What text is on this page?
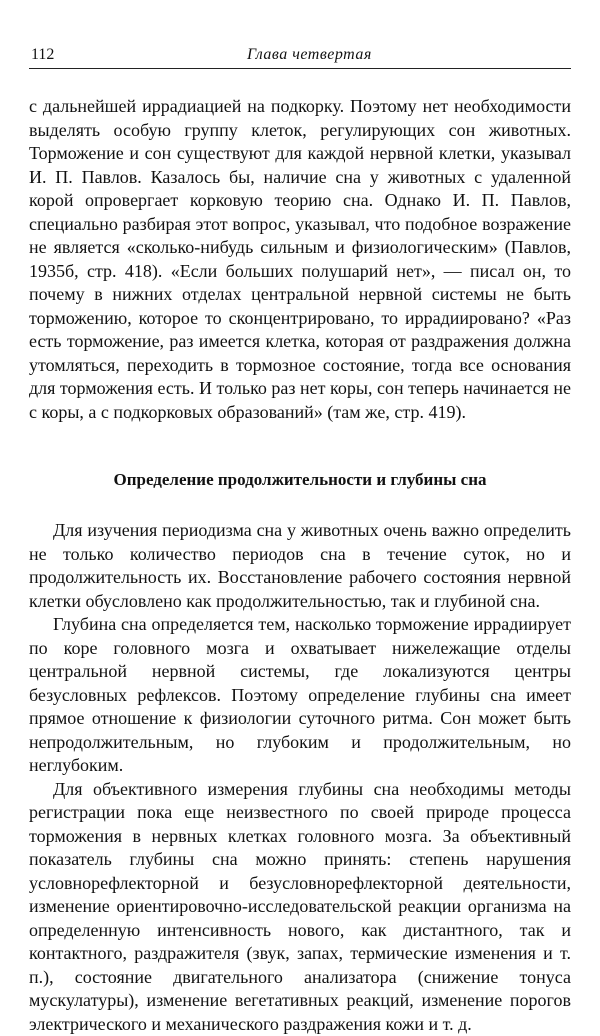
112	Глава четвертая

с дальнейшей иррадиацией на подкорку. Поэтому нет необходимости выделять особую группу клеток, регулирующих сон животных. Торможение и сон существуют для каждой нервной клетки, указывал И. П. Павлов. Казалось бы, наличие сна у животных с удаленной корой опровергает корковую теорию сна. Однако И. П. Павлов, специально разбирая этот вопрос, указывал, что подобное возражение не является «сколько-нибудь сильным и физиологическим» (Павлов, 1935б, стр. 418). «Если больших полушарий нет», — писал он, то почему в нижних отделах центральной нервной системы не быть торможению, которое то сконцентрировано, то иррадиировано? «Раз есть торможение, раз имеется клетка, которая от раздражения должна утомляться, переходить в тормозное состояние, тогда все основания для торможения есть. И только раз нет коры, сон теперь начинается не с коры, а с подкорковых образований» (там же, стр. 419).

Определение продолжительности и глубины сна

Для изучения периодизма сна у животных очень важно определить не только количество периодов сна в течение суток, но и продолжительность их. Восстановление рабочего состояния нервной клетки обусловлено как продолжительностью, так и глубиной сна.

Глубина сна определяется тем, насколько торможение иррадиирует по коре головного мозга и охватывает нижележащие отделы центральной нервной системы, где локализуются центры безусловных рефлексов. Поэтому определение глубины сна имеет прямое отношение к физиологии суточного ритма. Сон может быть непродолжительным, но глубоким и продолжительным, но неглубоким.

Для объективного измерения глубины сна необходимы методы регистрации пока еще неизвестного по своей природе процесса торможения в нервных клетках головного мозга. За объективный показатель глубины сна можно принять: степень нарушения условнорефлекторной и безусловнорефлекторной деятельности, изменение ориентировочно-исследовательской реакции организма на определенную интенсивность нового, как дистантного, так и контактного, раздражителя (звук, запах, термические изменения и т. п.), состояние двигательного анализатора (снижение тонуса мускулатуры), изменение вегетативных реакций, изменение порогов электрического и механического раздражения кожи и т. д.
